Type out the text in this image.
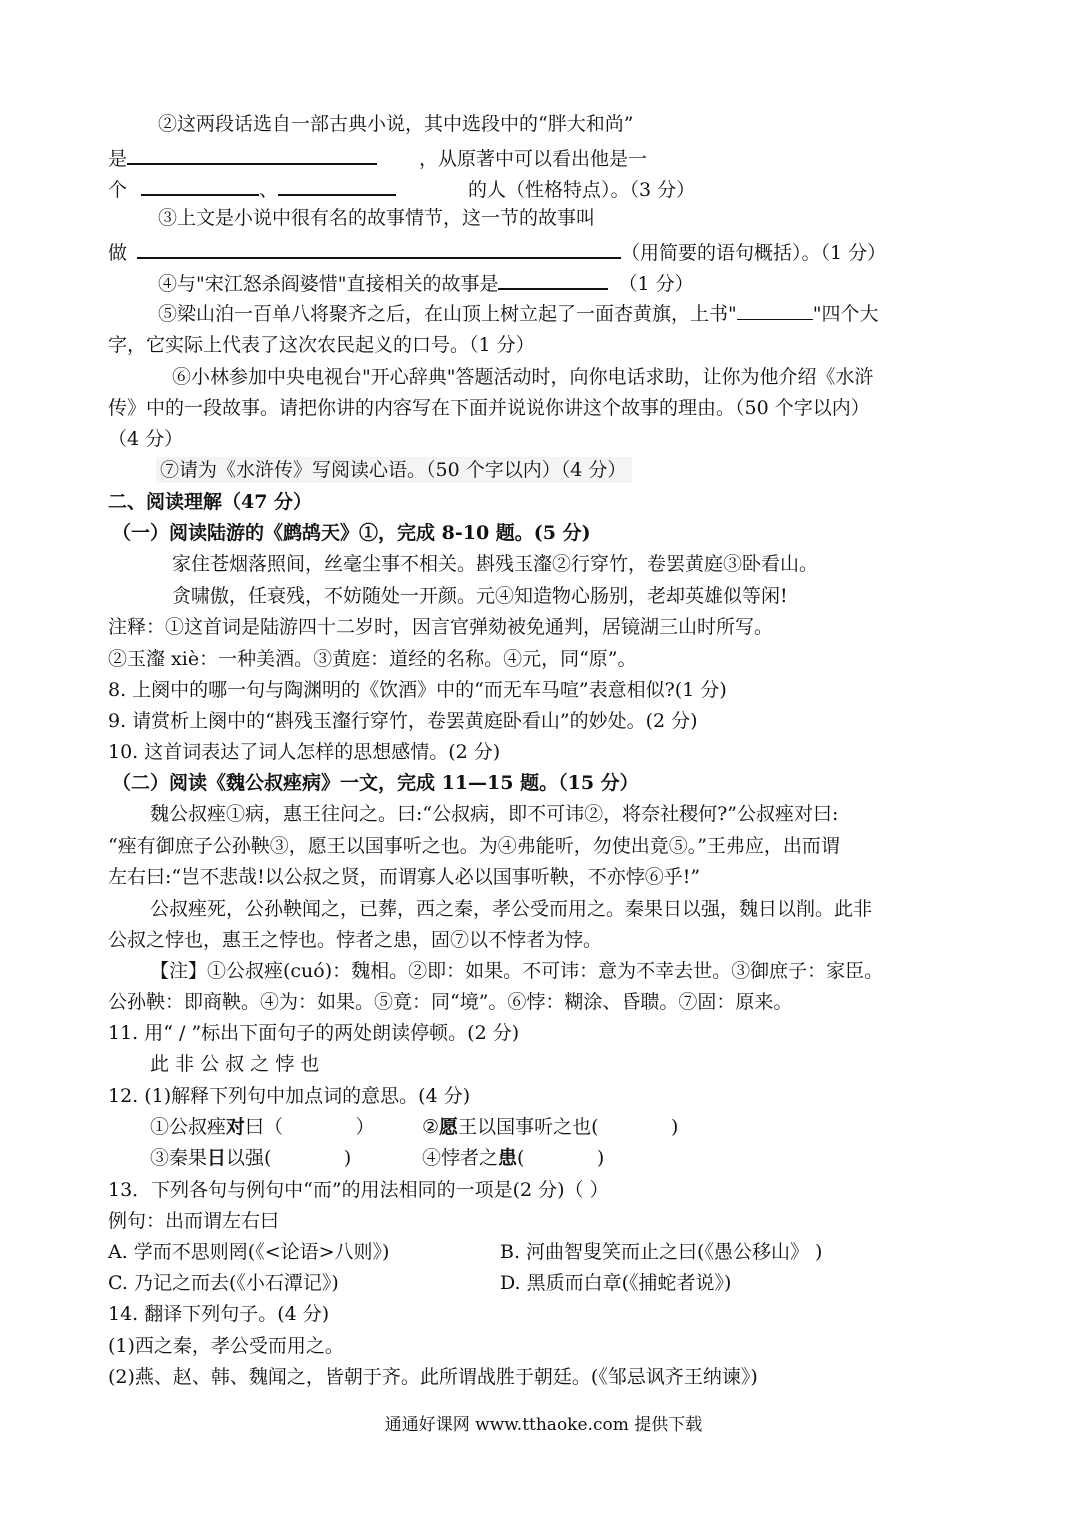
②这两段话选自一部古典小说，其中选段中的“胖大和尚”
是	，从原著中可以看出他是一
个	、	的人（性格特点）。（3 分）
③上文是小说中很有名的故事情节，这一节的故事叫
做	（用简要的语句概括）。（1 分）
④与"宋江怒杀阎婆惜"直接相关的故事是	（1 分）
⑤梁山泊一百单八将聚齐之后，在山顶上树立起了一面杏黄旗，上书"	"四个大
字，它实际上代表了这次农民起义的口号。（1 分）
⑥小林参加中央电视台"开心辞典"答题活动时，向你电话求助，让你为他介绍《水浒
传》中的一段故事。请把你讲的内容写在下面并说说你讲这个故事的理由。（50 个字以内）
（4 分）
⑦请为《水浒传》写阅读心语。（50 个字以内）（4 分）
二、阅读理解（47 分）
（一）阅读陆游的《鹧鸪天》①，完成 8-10 题。(5 分)
家住苍烟落照间，丝毫尘事不相关。斟残玉瀣②行穿竹，卷罢黄庭③卧看山。
贪啸傲，任衰残，不妨随处一开颜。元④知造物心肠别，老却英雄似等闲!
注释：①这首词是陆游四十二岁时，因言官弹劾被免通判，居镜湖三山时所写。
②玉瀣 xiè：一种美酒。③黄庭：道经的名称。④元，同“原”。
8. 上阕中的哪一句与陶渊明的《饮酒》中的“而无车马喧”表意相似?(1 分)
9. 请赏析上阕中的“斟残玉瀣行穿竹，卷罢黄庭卧看山”的妙处。(2 分)
10. 这首词表达了词人怎样的思想感情。(2 分)
（二）阅读《魏公叔痤病》一文，完成 11—15 题。（15 分）
魏公叔痤①病，惠王往问之。曰:“公叔病，即不可讳②，将奈社稷何?”公叔痤对曰:
“痤有御庶子公孙鞅③，愿王以国事听之也。为④弗能听，勿使出竟⑤。”王弗应，出而谓
左右曰:“岂不悲哉!以公叔之贤，而谓寡人必以国事听鞅，不亦悖⑥乎!”
公叔痤死，公孙鞅闻之，已葬，西之秦，孝公受而用之。秦果日以强，魏日以削。此非
公叔之悖也，惠王之悖也。悖者之患，固⑦以不悖者为悖。
【注】①公叔痤(cuó)：魏相。②即：如果。不可讳：意为不幸去世。③御庶子：家臣。
公孙鞅：即商鞅。④为：如果。⑤竟：同“境”。⑥悖：糊涂、昏聩。⑦固：原来。
11. 用“ / ”标出下面句子的两处朗读停顿。(2 分)
此 非 公 叔 之 悖 也
12. (1)解释下列句中加点词的意思。(4 分)
①公叔痤对曰（            ） ②愿王以国事听之也(            )
③秦果日以强(            )	④悖者之患(            )
13．下列各句与例句中“而”的用法相同的一项是(2 分)（ ）
例句：出而谓左右曰
A. 学而不思则罔(《<论语>八则》)	B. 河曲智叟笑而止之曰(《愚公移山》 )
C. 乃记之而去(《小石潭记》)	D. 黑质而白章(《捕蛇者说》)
14. 翻译下列句子。(4 分)
(1)西之秦，孝公受而用之。
(2)燕、赵、韩、魏闻之，皆朝于齐。此所谓战胜于朝廷。(《邹忌讽齐王纳谏》)
通通好课网 www.tthaoke.com 提供下载
